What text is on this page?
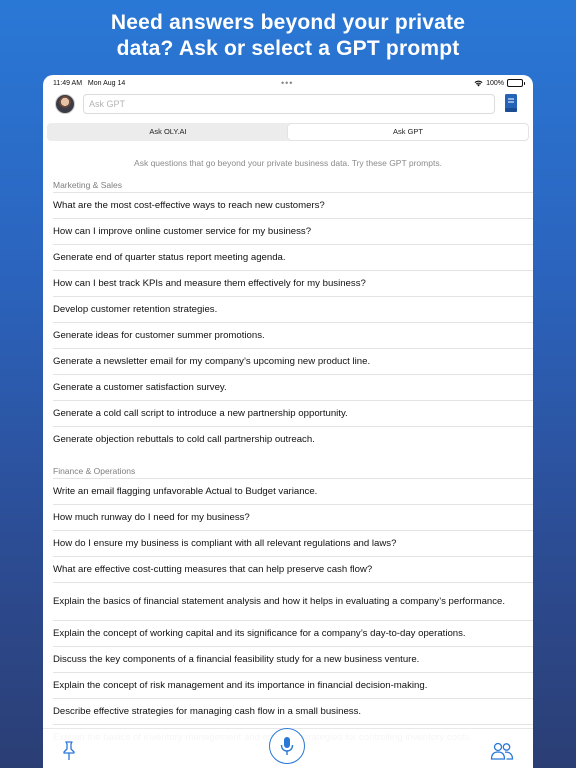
Need answers beyond your private
data? Ask or select a GPT prompt
11:49 AM Mon Aug 14	•••	100%
Ask GPT
Ask OLY.AI	Ask GPT
Ask questions that go beyond your private business data. Try these GPT prompts.
Marketing & Sales
What are the most cost-effective ways to reach new customers?
How can I improve online customer service for my business?
Generate end of quarter status report meeting agenda.
How can I best track KPIs and measure them effectively for my business?
Develop customer retention strategies.
Generate ideas for customer summer promotions.
Generate a newsletter email for my company’s upcoming new product line.
Generate a customer satisfaction survey.
Generate a cold call script to introduce a new partnership opportunity.
Generate objection rebuttals to cold call partnership outreach.
Finance & Operations
Write an email flagging unfavorable Actual to Budget variance.
How much runway do I need for my business?
How do I ensure my business is compliant with all relevant regulations and laws?
What are effective cost-cutting measures that can help preserve cash flow?
Explain the basics of financial statement analysis and how it helps in evaluating a company’s performance.
Explain the concept of working capital and its significance for a company’s day-to-day operations.
Discuss the key components of a financial feasibility study for a new business venture.
Explain the concept of risk management and its importance in financial decision-making.
Describe effective strategies for managing cash flow in a small business.
